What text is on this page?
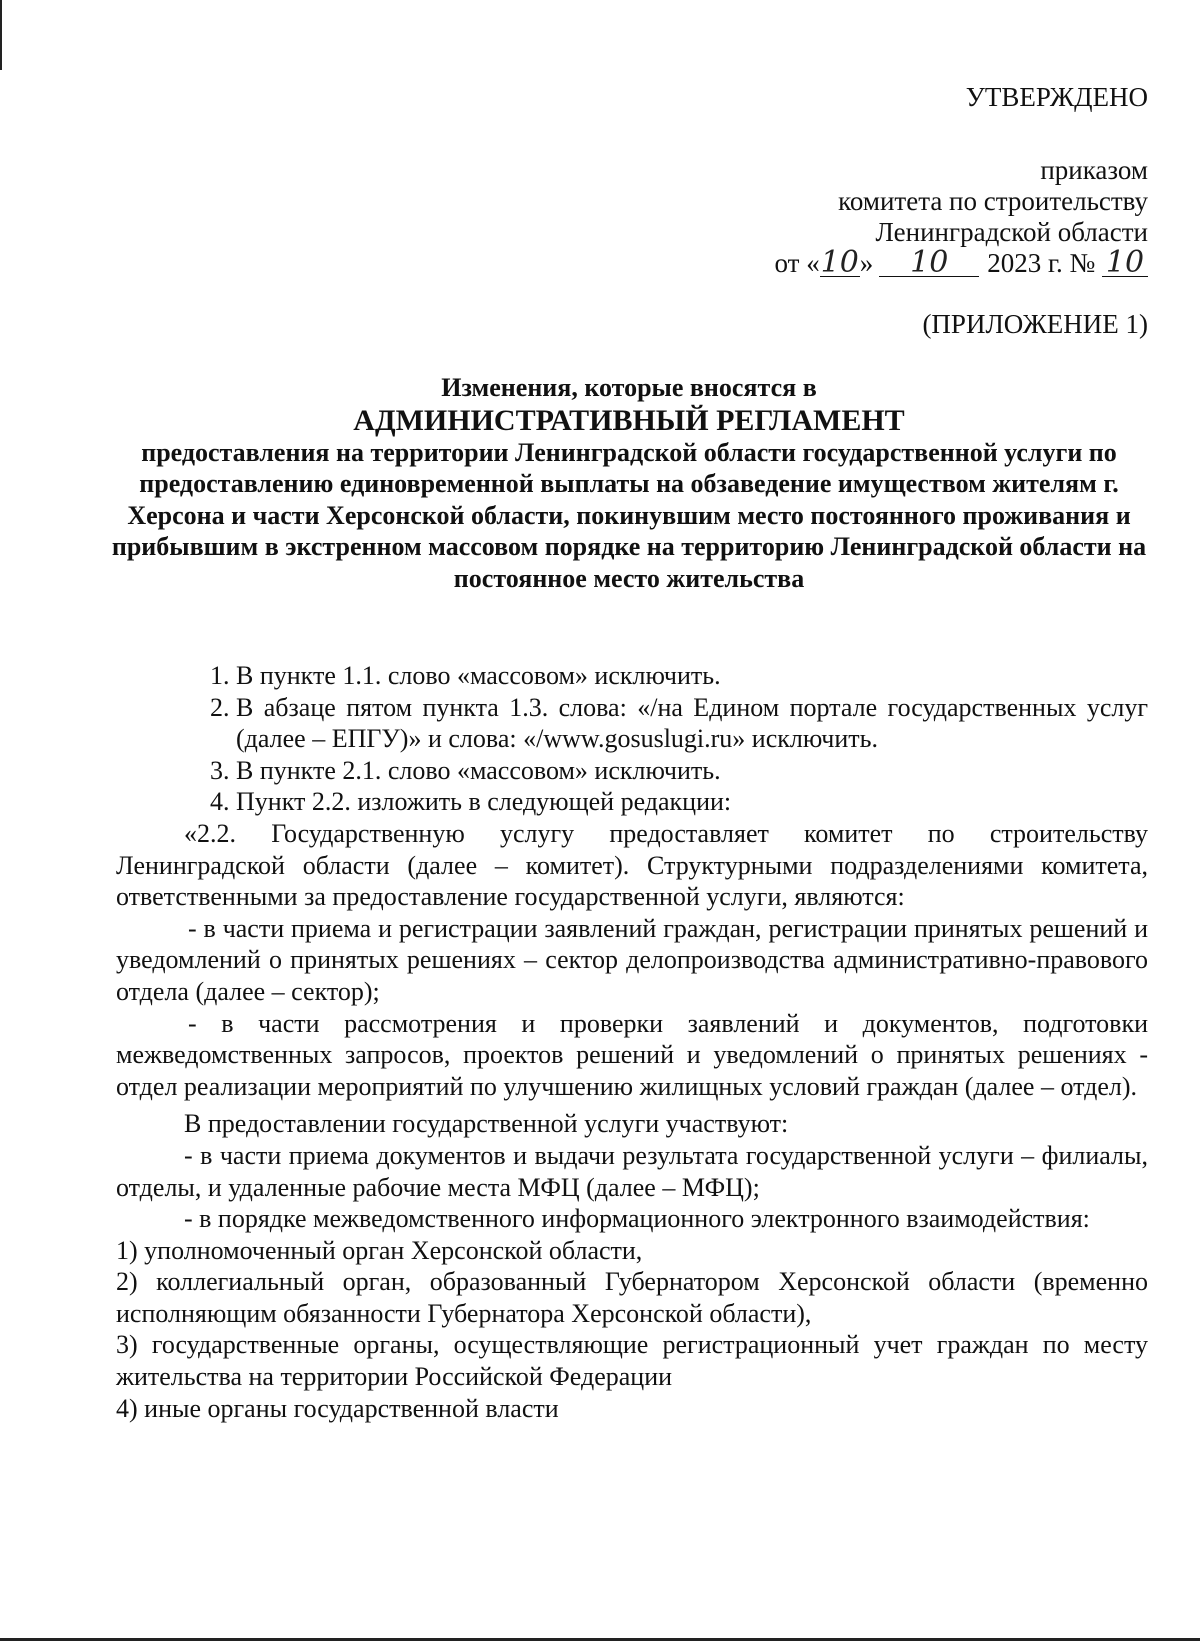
УТВЕРЖДЕНО
приказом
комитета по строительству
Ленинградской области
от «10» 10 2023 г. № 10
(ПРИЛОЖЕНИЕ 1)
Изменения, которые вносятся в
АДМИНИСТРАТИВНЫЙ РЕГЛАМЕНТ
предоставления на территории Ленинградской области государственной услуги по предоставлению единовременной выплаты на обзаведение имуществом жителям г. Херсона и части Херсонской области, покинувшим место постоянного проживания и прибывшим в экстренном массовом порядке на территорию Ленинградской области на постоянное место жительства
1. В пункте 1.1. слово «массовом» исключить.
2. В абзаце пятом пункта 1.3. слова: «/на Едином портале государственных услуг (далее – ЕПГУ)» и слова: «/www.gosuslugi.ru» исключить.
3. В пункте 2.1. слово «массовом» исключить.
4. Пункт 2.2. изложить в следующей редакции:

«2.2. Государственную услугу предоставляет комитет по строительству Ленинградской области (далее – комитет). Структурными подразделениями комитета, ответственными за предоставление государственной услуги, являются:

- в части приема и регистрации заявлений граждан, регистрации принятых решений и уведомлений о принятых решениях – сектор делопроизводства административно-правового отдела (далее – сектор);

- в части рассмотрения и проверки заявлений и документов, подготовки межведомственных запросов, проектов решений и уведомлений о принятых решениях - отдел реализации мероприятий по улучшению жилищных условий граждан (далее – отдел).

В предоставлении государственной услуги участвуют:

- в части приема документов и выдачи результата государственной услуги – филиалы, отделы, и удаленные рабочие места МФЦ (далее – МФЦ);

- в порядке межведомственного информационного электронного взаимодействия:

1) уполномоченный орган Херсонской области,

2) коллегиальный орган, образованный Губернатором Херсонской области (временно исполняющим обязанности Губернатора Херсонской области),

3) государственные органы, осуществляющие регистрационный учет граждан по месту жительства на территории Российской Федерации

4) иные органы государственной власти
